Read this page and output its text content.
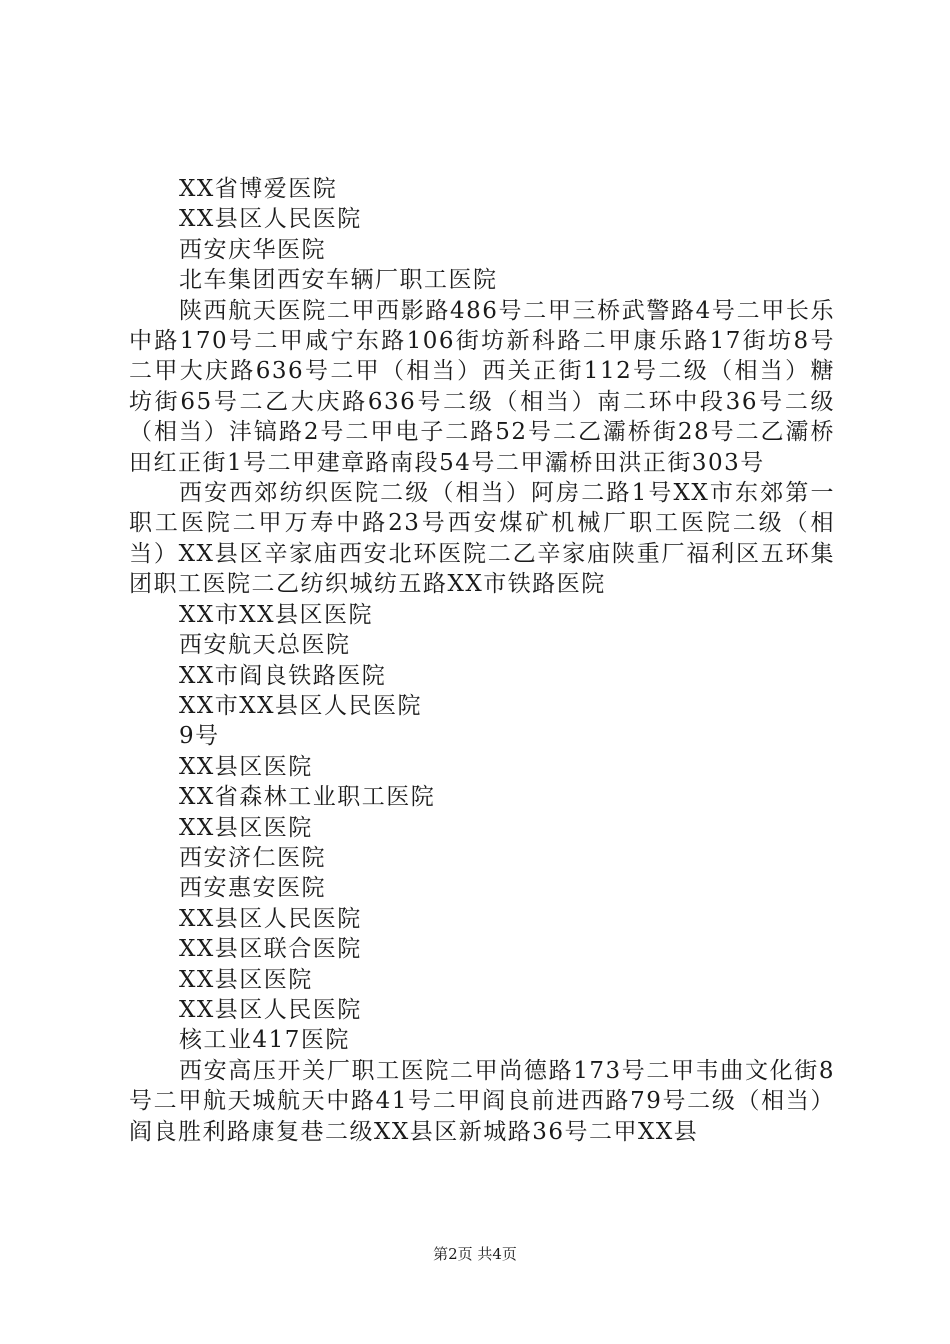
XX省博爱医院

XX县区人民医院

西安庆华医院

北车集团西安车辆厂职工医院

陕西航天医院二甲西影路486号二甲三桥武警路4号二甲长乐中路170号二甲咸宁东路106街坊新科路二甲康乐路17街坊8号二甲大庆路636号二甲（相当）西关正街112号二级（相当）糖坊街65号二乙大庆路636号二级（相当）南二环中段36号二级（相当）沣镐路2号二甲电子二路52号二乙灞桥街28号二乙灞桥田红正街1号二甲建章路南段54号二甲灞桥田洪正街303号

西安西郊纺织医院二级（相当）阿房二路1号XX市东郊第一职工医院二甲万寿中路23号西安煤矿机械厂职工医院二级（相当）XX县区辛家庙西安北环医院二乙辛家庙陕重厂福利区五环集团职工医院二乙纺织城纺五路XX市铁路医院

XX市XX县区医院

西安航天总医院

XX市阎良铁路医院

XX市XX县区人民医院

9号

XX县区医院

XX省森林工业职工医院

XX县区医院

西安济仁医院

西安惠安医院

XX县区人民医院

XX县区联合医院

XX县区医院

XX县区人民医院

核工业417医院

西安高压开关厂职工医院二甲尚德路173号二甲韦曲文化街8号二甲航天城航天中路41号二甲阎良前进西路79号二级（相当）阎良胜利路康复巷二级XX县区新城路36号二甲XX县

第2页 共4页
